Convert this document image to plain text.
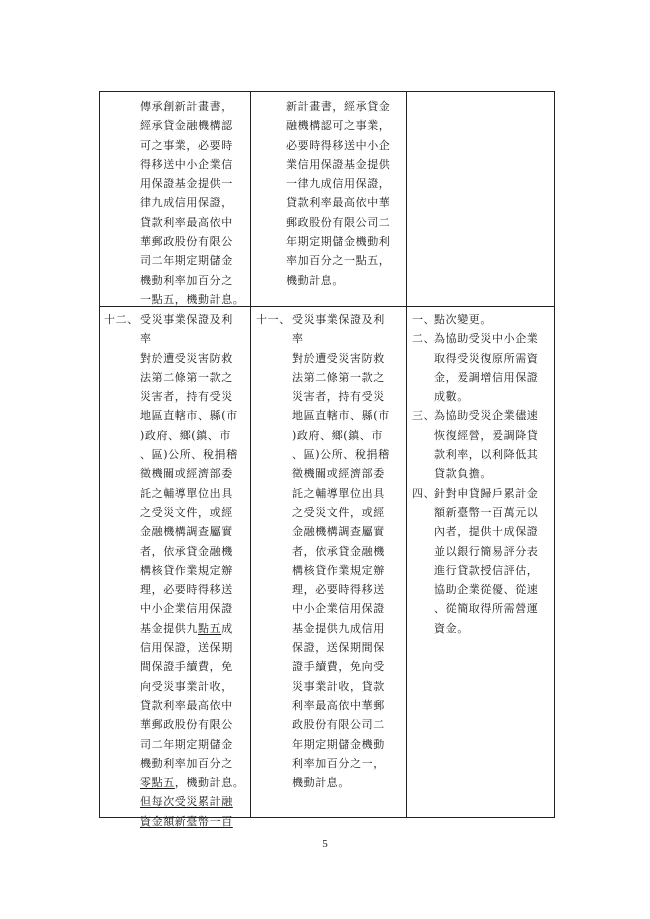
傳承創新計畫書，
經承貸金融機構認
可之事業，必要時
得移送中小企業信
用保證基金提供一
律九成信用保證，
貸款利率最高依中
華郵政股份有限公
司二年期定期儲金
機動利率加百分之
一點五，機動計息。
新計畫書，經承貸金
融機構認可之事業，
必要時得移送中小企
業信用保證基金提供
一律九成信用保證，
貸款利率最高依中華
郵政股份有限公司二
年期定期儲金機動利
率加百分之一點五，
機動計息。
十二、受災事業保證及利
率
對於遭受災害防救
法第二條第一款之
災害者，持有受災
地區直轄市、縣(市
)政府、鄉(鎮、市
、區)公所、稅捐稽
徵機關或經濟部委
託之輔導單位出具
之受災文件，或經
金融機構調查屬實
者，依承貸金融機
構核貸作業規定辦
理，必要時得移送
中小企業信用保證
基金提供九點五成
信用保證，送保期
間保證手續費，免
向受災事業計收，
貸款利率最高依中
華郵政股份有限公
司二年期定期儲金
機動利率加百分之
零點五，機動計息。
但每次受災累計融
資金額新臺幣一百
十一、受災事業保證及利
率
對於遭受災害防救
法第二條第一款之
災害者，持有受災
地區直轄市、縣(市
)政府、鄉(鎮、市
、區)公所、稅捐稽
徵機關或經濟部委
託之輔導單位出具
之受災文件，或經
金融機構調查屬實
者，依承貸金融機
構核貸作業規定辦
理，必要時得移送
中小企業信用保證
基金提供九成信用
保證，送保期間保
證手續費，免向受
災事業計收，貸款
利率最高依中華郵
政股份有限公司二
年期定期儲金機動
利率加百分之一，
機動計息。
一、點次變更。
二、為協助受災中小企業
取得受災復原所需資
金，爰調增信用保證
成數。
三、為協助受災企業儘速
恢復經營，爰調降貸
款利率，以利降低其
貸款負擔。
四、針對申貸歸戶累計金
額新臺幣一百萬元以
內者，提供十成保證
並以銀行簡易評分表
進行貸款授信評估，
協助企業從優、從速
、從簡取得所需營運
資金。
5
